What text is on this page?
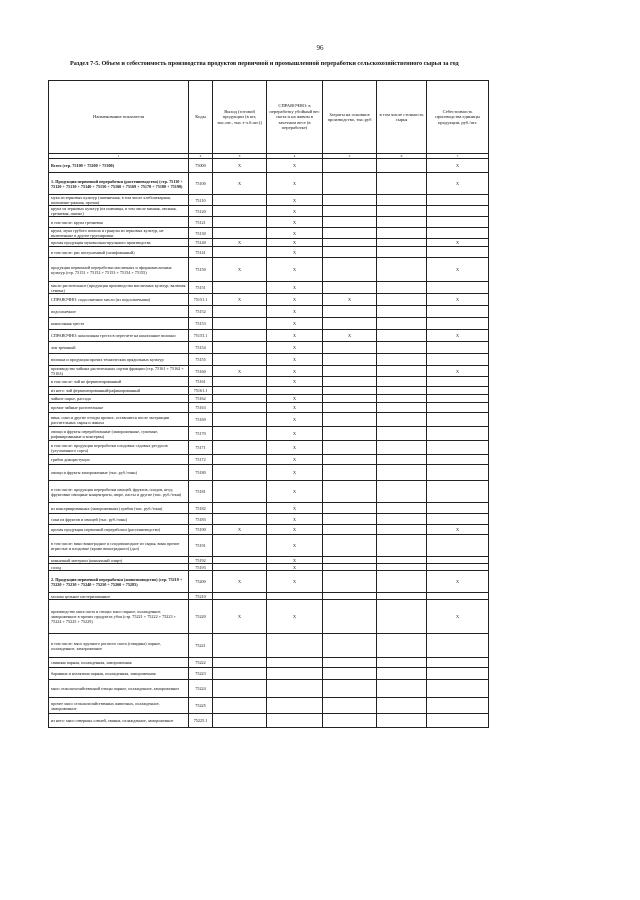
96
Раздел 7-5. Объем и себестоимость производства продуктов первичной и промышленной переработки сельскохозяйственного сырья за год
Наименование показателя	Коды	Выход (готовой продукции (в шт, тыс.шт., тыс.т-э.б.шт.))	СПРАВОЧНО: в переработку убойный вес скота и на живом в зачетном весе (в переработке)	Затраты на основное производство, тыс.руб	в том числе стоимость сырья	Себестоимость производства единицы продукции, руб./шт.
1	2	3	4	5	6	7
Всего (стр. 75100 + 75200 + 75300)	75000	X	X			X
1. Продукция первичной переработки (растениеводство) (стр. 75110 + 75120 + 75130 + 75140 + 75150 + 75160 + 75169 + 75170 + 75180 + 75190)	75100	X	X			X
мука из зерновых культур (пшеничная, в том числе хлебопекарная, пшенично-ржаная, прочая)	75110		X			
крупа из зерновых культур (из пшеницы, в том числе манная, овсяная, гречневая, пшено)	75120		X			
в том числе: крупа гречневая	75121		X			
крупа, мука грубого помола и гранулы из зерновых культур, не включенные в другие группировки	75130		X			
прочая продукция мукомольно-крупяного производства	75140	X	X			X
в том числе: рис шелушенный (шлифованный)	75141		X			
продукция первичной переработки масличных и эфирномасличных культур (стр. 75151 + 75152 + 75153 + 75154 + 75155)	75150	X	X			X
масло растительное (продукция производства масличных культур, включая семена)	75151		X			
СПРАВОЧНО: подсолнечное масло (из подсолнечника)	75151.1	X	X	X		X
подсолнечное	75152		X			
конопляная треста	75153		X			
СПРАВОЧНО: конопляная треста в пересчете на конопляное волокно	75153.1		X	X		X
лен трепаный	75154		X			
волокна и продукция прочих технических прядильных культур	75155		X			
производство чайных растительных сортов фракции (стр. 75161 + 75162 + 75163)	75160	X	X			X
в том числе: чай не ферментированный	75161		X			
из него: чай ферментированный/рафинированный	75161.1					
чайное сырье, рассада	75162		X			
прочие чайные растительные	75163		X			
вина, соки и другие отходы прочих, оставшиеся после экстракции растительных сырья и жмыха	75169		X			
овощи и фрукты переработанные (замороженные, сушеные, рафинированные и консервы)	75170		X			
в том числе: продукция переработки плодовых садовых ресурсов (улучшенного сорта)	75171		X			
грибов дикорастущих	75172		X			
овощи и фрукты замороженные (тыс. руб./тонн)	75180		X			
в том числе: продукция переработки овощей, фруктов, плодов, ягод; фруктовые овощные концентраты, пюре, пасты и другие (тыс. руб./тонн)	75181		X			
из консервированных (замороженных) грибов (тыс. руб./тонн)	75182		X			
соки из фруктов и овощей (тыс. руб./тонн)	75183		X			
прочая продукция первичной переработки (растениеводство)	75190	X	X			X
в том числе: вино виноградное и плодовоягодное из сырья, вина прочие игристые и плодовые (кроме виноградного) (дал)	75191		X			
коньячный материал (коньячный спирт)	75192		X			
солод	75193		X			
2. Продукция первичной переработки (животноводство) (стр. 75210 + 75220 + 75230 + 75240 + 75250 + 75260 + 75285)	75200	X	X			X
молоко цельное пастеризованное	75210					
производство мяса скота и птицы: мясо парное, охлажденное, замороженное в прочих продуктах убоя (стр. 75221 + 75222 + 75223 + 75224 + 75225 + 75229)	75220	X	X			X
в том числе: мясо крупного рогатого скота (говядина) парное, охлажденное, замороженное	75221					
свинина парная, охлажденная, замороженная	75222					
баранина и козлятина парная, охлажденная, замороженная	75223					
мясо сельскохозяйственной птицы парное, охлажденное, замороженное	75224					
прочее мясо сельскохозяйственных животных, охлажденное, замороженное	75225					
из него: мясо северных оленей, свиньи, охлажденное, замороженное	75225.1					
